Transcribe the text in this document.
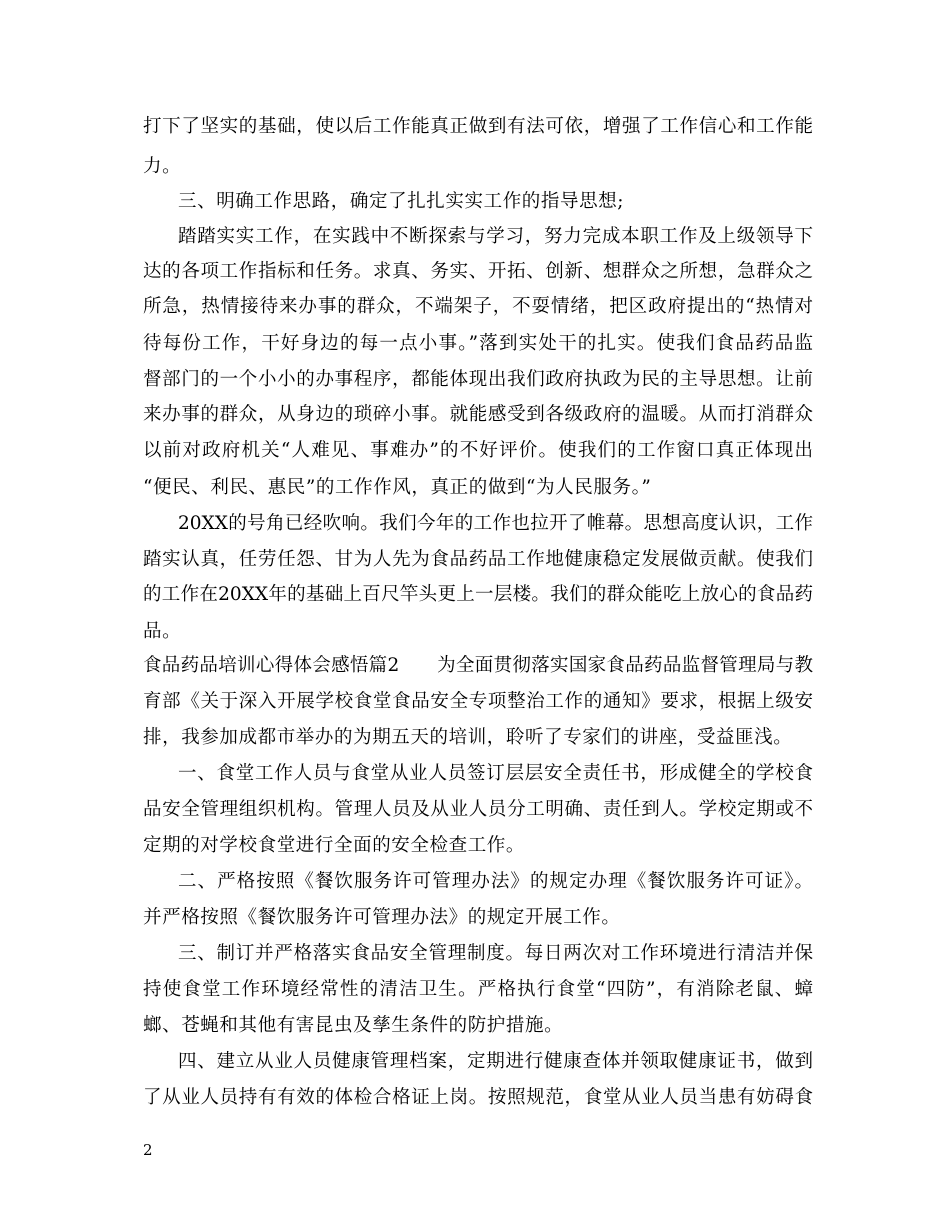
打下了坚实的基础，使以后工作能真正做到有法可依，增强了工作信心和工作能
力。
三、明确工作思路，确定了扎扎实实工作的指导思想;
踏踏实实工作，在实践中不断探索与学习，努力完成本职工作及上级领导下
达的各项工作指标和任务。求真、务实、开拓、创新、想群众之所想，急群众之
所急，热情接待来办事的群众，不端架子，不耍情绪，把区政府提出的“热情对
待每份工作，干好身边的每一点小事。”落到实处干的扎实。使我们食品药品监
督部门的一个小小的办事程序，都能体现出我们政府执政为民的主导思想。让前
来办事的群众，从身边的琐碎小事。就能感受到各级政府的温暖。从而打消群众
以前对政府机关“人难见、事难办”的不好评价。使我们的工作窗口真正体现出
“便民、利民、惠民”的工作作风，真正的做到“为人民服务。”
20XX的号角已经吹响。我们今年的工作也拉开了帷幕。思想高度认识，工作
踏实认真，任劳任怨、甘为人先为食品药品工作地健康稳定发展做贡献。使我们
的工作在20XX年的基础上百尺竿头更上一层楼。我们的群众能吃上放心的食品药
品。
食品药品培训心得体会感悟篇2　　为全面贯彻落实国家食品药品监督管理局与教
育部《关于深入开展学校食堂食品安全专项整治工作的通知》要求，根据上级安
排，我参加成都市举办的为期五天的培训，聆听了专家们的讲座，受益匪浅。
一、食堂工作人员与食堂从业人员签订层层安全责任书，形成健全的学校食
品安全管理组织机构。管理人员及从业人员分工明确、责任到人。学校定期或不
定期的对学校食堂进行全面的安全检查工作。
二、严格按照《餐饮服务许可管理办法》的规定办理《餐饮服务许可证》。
并严格按照《餐饮服务许可管理办法》的规定开展工作。
三、制订并严格落实食品安全管理制度。每日两次对工作环境进行清洁并保
持使食堂工作环境经常性的清洁卫生。严格执行食堂“四防”，有消除老鼠、蟑
螂、苍蝇和其他有害昆虫及孳生条件的防护措施。
四、建立从业人员健康管理档案，定期进行健康查体并领取健康证书，做到
了从业人员持有有效的体检合格证上岗。按照规范，食堂从业人员当患有妨碍食
2
